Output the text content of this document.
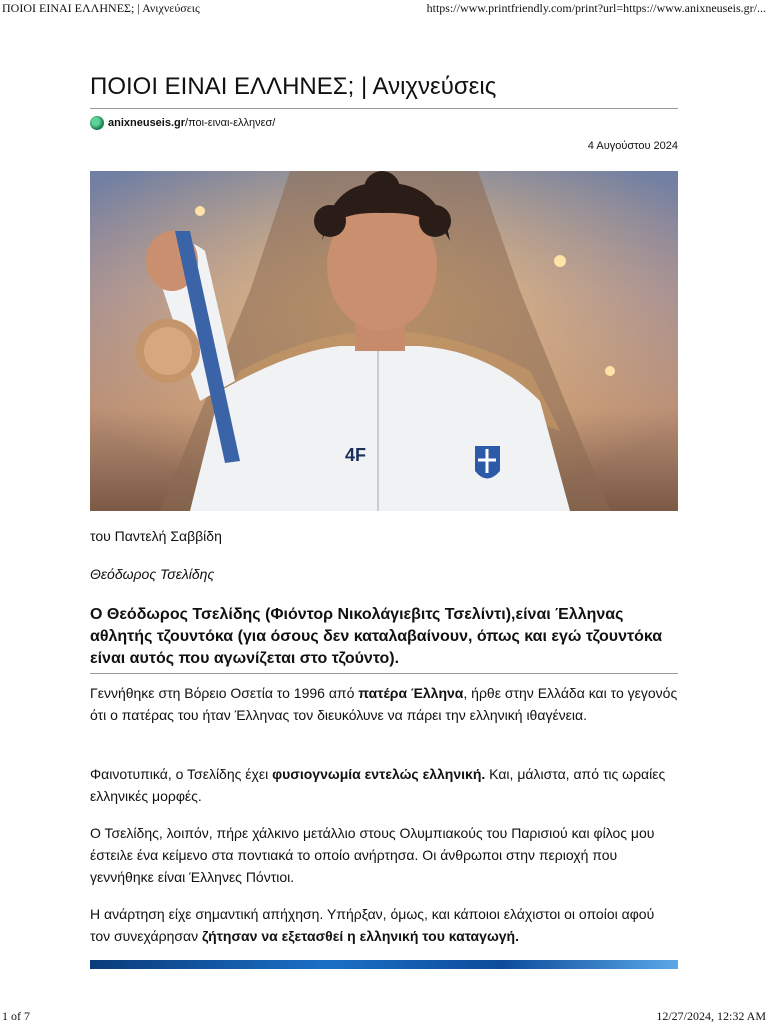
ΠΟΙΟΙ ΕΙΝΑΙ ΕΛΛΗΝΕΣ; | Ανιχνεύσεις	https://www.printfriendly.com/print?url=https://www.anixneuseis.gr/...
ΠΟΙΟΙ ΕΙΝΑΙ ΕΛΛΗΝΕΣ; | Ανιχνεύσεις
anixneuseis.gr /ποι-ειναι-ελληνεσ/
4 Αυγούστου 2024
4F
του Παντελή Σαββίδη
Θεόδωρος Τσελίδης

Ο Θεόδωρος Τσελίδης (Φιόντορ Νικολάγιεβιτς Τσελίντι),είναι Έλληνας αθλητής τζουντόκα (για όσους δεν καταλαβαίνουν, όπως και εγώ τζουντόκα είναι αυτός που αγωνίζεται στο τζούντο).

Γεννήθηκε στη Βόρειο Οσετία το 1996 από πατέρα Έλληνα, ήρθε στην Ελλάδα και το γεγονός ότι ο πατέρας του ήταν Έλληνας τον διευκόλυνε να πάρει την ελληνική ιθαγένεια.

Φαινοτυπικά, ο Τσελίδης έχει φυσιογνωμία εντελώς ελληνική. Και, μάλιστα, από τις ωραίες ελληνικές μορφές.

Ο Τσελίδης, λοιπόν, πήρε χάλκινο μετάλλιο στους Ολυμπιακούς του Παρισιού και φίλος μου έστειλε ένα κείμενο στα ποντιακά το οποίο ανήρτησα. Οι άνθρωποι στην περιοχή που γεννήθηκε είναι Έλληνες Πόντιοι.

Η ανάρτηση είχε σημαντική απήχηση. Υπήρξαν, όμως, και κάποιοι ελάχιστοι οι οποίοι αφού τον συνεχάρησαν ζήτησαν να εξετασθεί η ελληνική του καταγωγή.

1 of 7	12/27/2024, 12:32 AM
